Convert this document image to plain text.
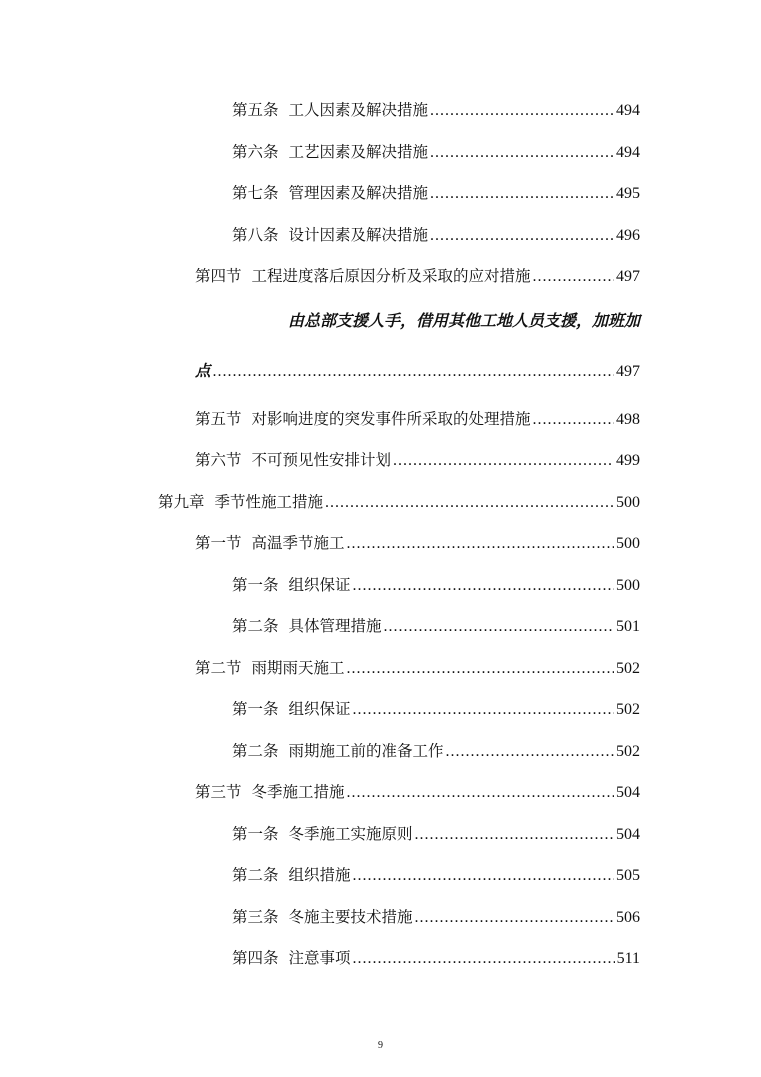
第五条 工人因素及解决措施 .....	494
第六条 工艺因素及解决措施 .....	494
第七条 管理因素及解决措施 .....	495
第八条 设计因素及解决措施 .....	496
第四节 工程进度落后原因分析及采取的应对措施 .....	497
由总部支援人手，借用其他工地人员支援，加班加
点 .....	497
第五节 对影响进度的突发事件所采取的处理措施 .....	498
第六节 不可预见性安排计划 .....	499
第九章 季节性施工措施 .....	500
第一节 高温季节施工 .....	500
第一条 组织保证 .....	500
第二条 具体管理措施 .....	501
第二节 雨期雨天施工 .....	502
第一条 组织保证 .....	502
第二条 雨期施工前的准备工作 .....	502
第三节 冬季施工措施 .....	504
第一条 冬季施工实施原则 .....	504
第二条 组织措施 .....	505
第三条 冬施主要技术措施 .....	506
第四条 注意事项 .....	511
9
